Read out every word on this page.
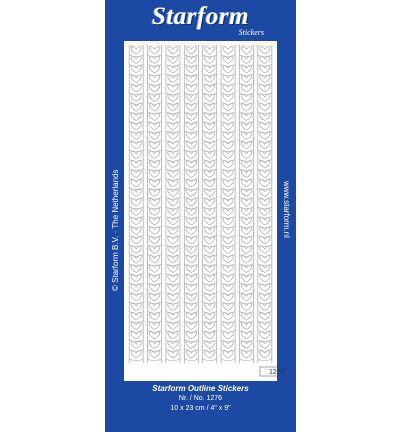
Starform
Stickers
© Starform B.V. · The Netherlands	www.starform.nl
Starform Outline Stickers
Nr. / No. 1276
10 x 23 cm / 4" x 9"
1276
